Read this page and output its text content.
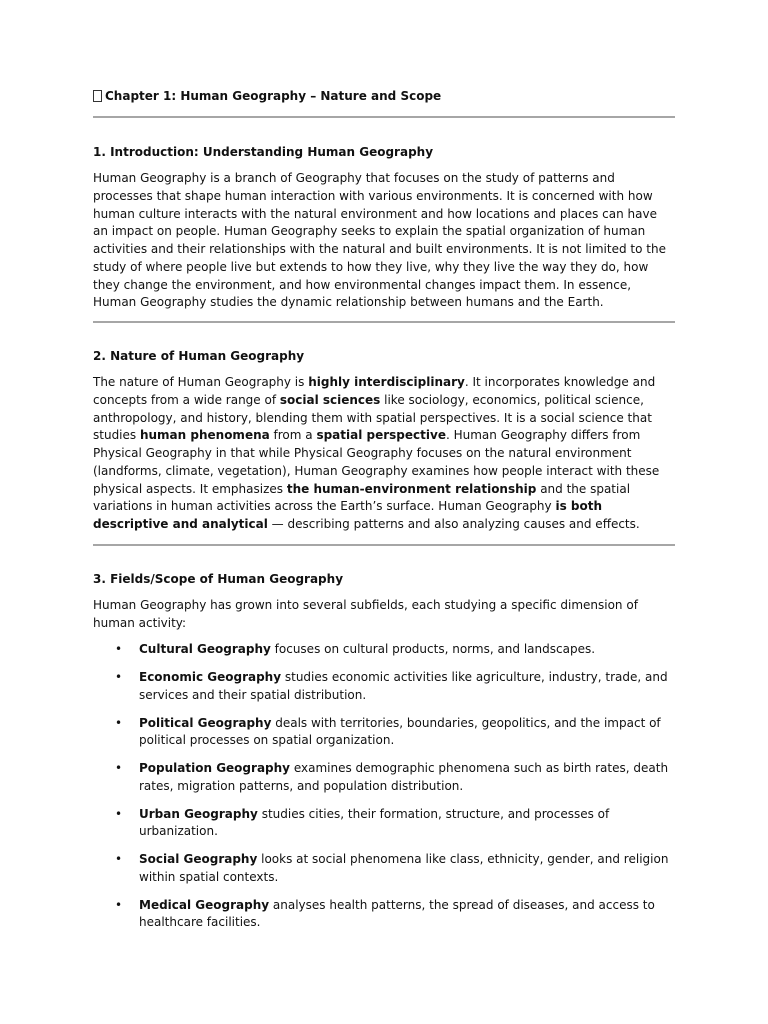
Chapter 1: Human Geography – Nature and Scope
1. Introduction: Understanding Human Geography

Human Geography is a branch of Geography that focuses on the study of patterns and processes that shape human interaction with various environments. It is concerned with how human culture interacts with the natural environment and how locations and places can have an impact on people. Human Geography seeks to explain the spatial organization of human activities and their relationships with the natural and built environments. It is not limited to the study of where people live but extends to how they live, why they live the way they do, how they change the environment, and how environmental changes impact them. In essence, Human Geography studies the dynamic relationship between humans and the Earth.

2. Nature of Human Geography

The nature of Human Geography is highly interdisciplinary. It incorporates knowledge and concepts from a wide range of social sciences like sociology, economics, political science, anthropology, and history, blending them with spatial perspectives. It is a social science that studies human phenomena from a spatial perspective. Human Geography differs from Physical Geography in that while Physical Geography focuses on the natural environment (landforms, climate, vegetation), Human Geography examines how people interact with these physical aspects. It emphasizes the human-environment relationship and the spatial variations in human activities across the Earth’s surface. Human Geography is both descriptive and analytical — describing patterns and also analyzing causes and effects.

3. Fields/Scope of Human Geography

Human Geography has grown into several subfields, each studying a specific dimension of human activity:

• Cultural Geography focuses on cultural products, norms, and landscapes.
• Economic Geography studies economic activities like agriculture, industry, trade, and services and their spatial distribution.
• Political Geography deals with territories, boundaries, geopolitics, and the impact of political processes on spatial organization.
• Population Geography examines demographic phenomena such as birth rates, death rates, migration patterns, and population distribution.
• Urban Geography studies cities, their formation, structure, and processes of urbanization.
• Social Geography looks at social phenomena like class, ethnicity, gender, and religion within spatial contexts.
• Medical Geography analyses health patterns, the spread of diseases, and access to healthcare facilities.
